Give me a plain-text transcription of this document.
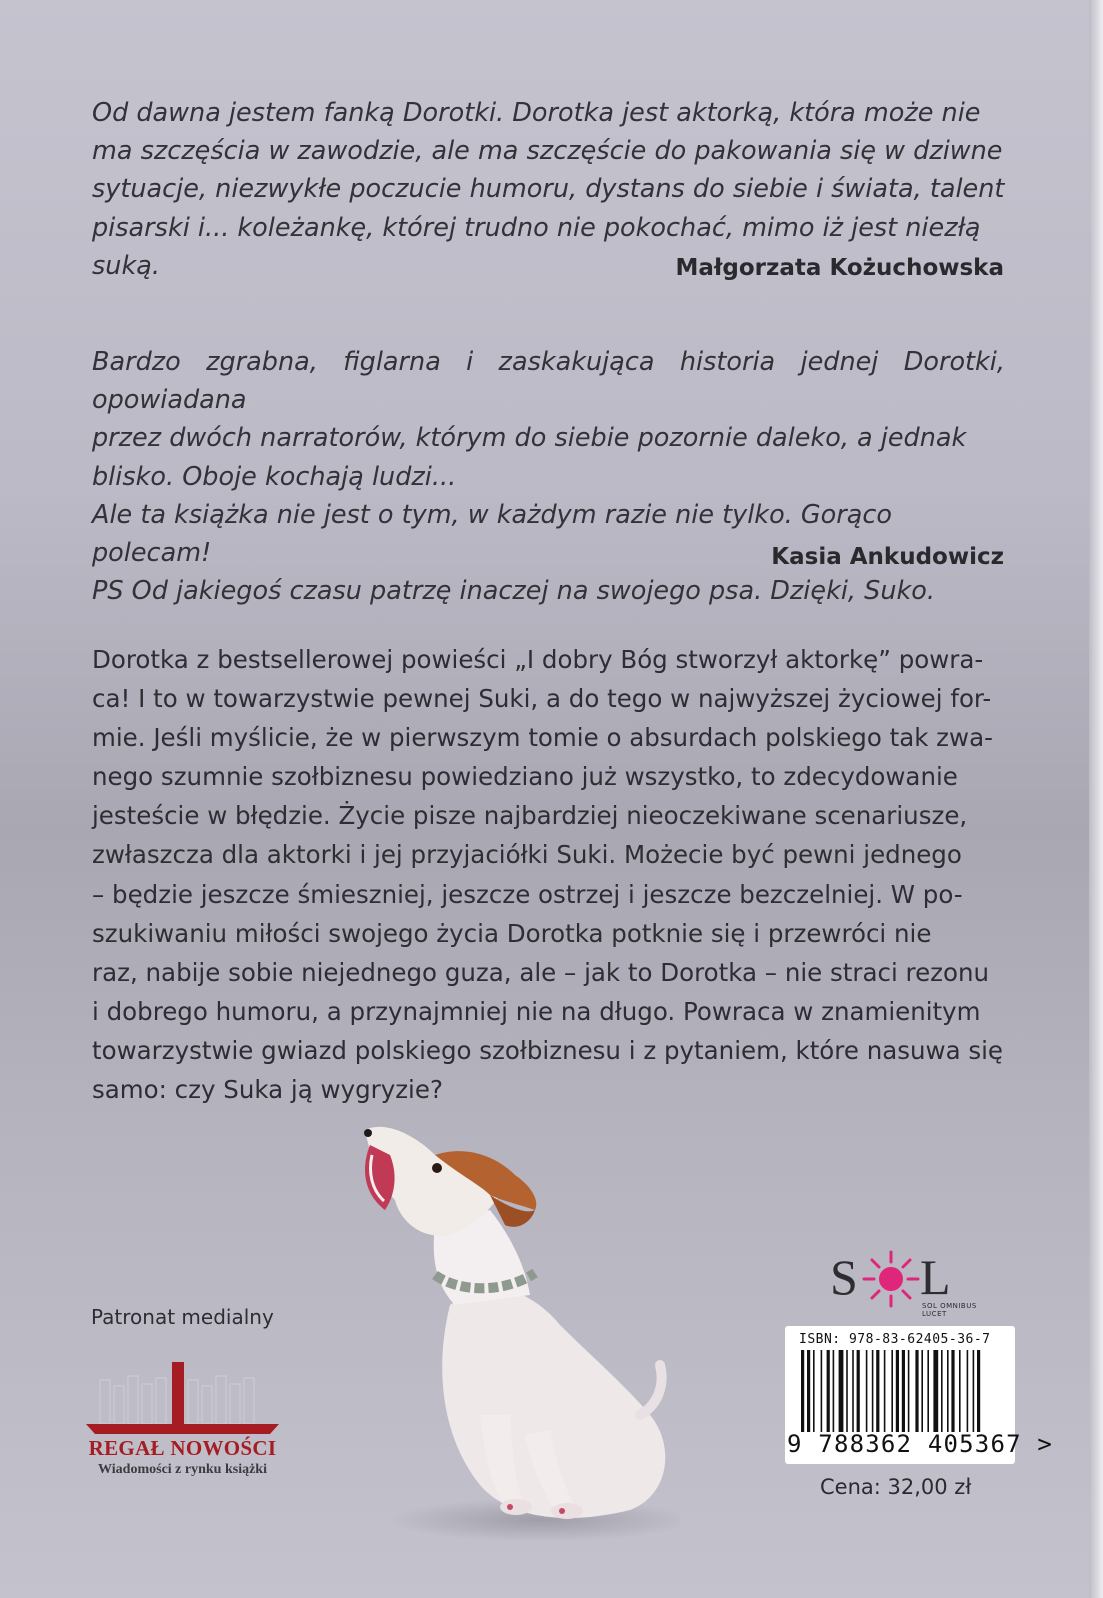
Od dawna jestem fanką Dorotki. Dorotka jest aktorką, która może nie

ma szczęścia w zawodzie, ale ma szczęście do pakowania się w dziwne

sytuacje, niezwykłe poczucie humoru, dystans do siebie i świata, talent

pisarski i... koleżankę, której trudno nie pokochać, mimo iż jest niezłą suką.	Małgorzata Kożuchowska

Bardzo zgrabna, figlarna i zaskakująca historia jednej Dorotki, opowiadana

przez dwóch narratorów, którym do siebie pozornie daleko, a jednak

blisko. Oboje kochają ludzi...

Ale ta książka nie jest o tym, w każdym razie nie tylko. Gorąco polecam!

PS Od jakiegoś czasu patrzę inaczej na swojego psa. Dzięki, Suko.

Kasia Ankudowicz

Dorotka z bestsellerowej powieści „I dobry Bóg stworzył aktorkę” powra-

ca! I to w towarzystwie pewnej Suki, a do tego w najwyższej życiowej for-

mie. Jeśli myślicie, że w pierwszym tomie o absurdach polskiego tak zwa-

nego szumnie szołbiznesu powiedziano już wszystko, to zdecydowanie

jesteście w błędzie. Życie pisze najbardziej nieoczekiwane scenariusze,

zwłaszcza dla aktorki i jej przyjaciółki Suki. Możecie być pewni jednego

– będzie jeszcze śmieszniej, jeszcze ostrzej i jeszcze bezczelniej. W po-

szukiwaniu miłości swojego życia Dorotka potknie się i przewróci nie

raz, nabije sobie niejednego guza, ale – jak to Dorotka – nie straci rezonu

i dobrego humoru, a przynajmniej nie na długo. Powraca w znamienitym

towarzystwie gwiazd polskiego szołbiznesu i z pytaniem, które nasuwa się

samo: czy Suka ją wygryzie?

Patronat medialny
REGAŁ NOWOŚCI
Wiadomości z rynku książki
S L
SOL OMNIBUS LUCET
ISBN: 978-83-62405-36-7
9 788362 405367 >
Cena: 32,00 zł
